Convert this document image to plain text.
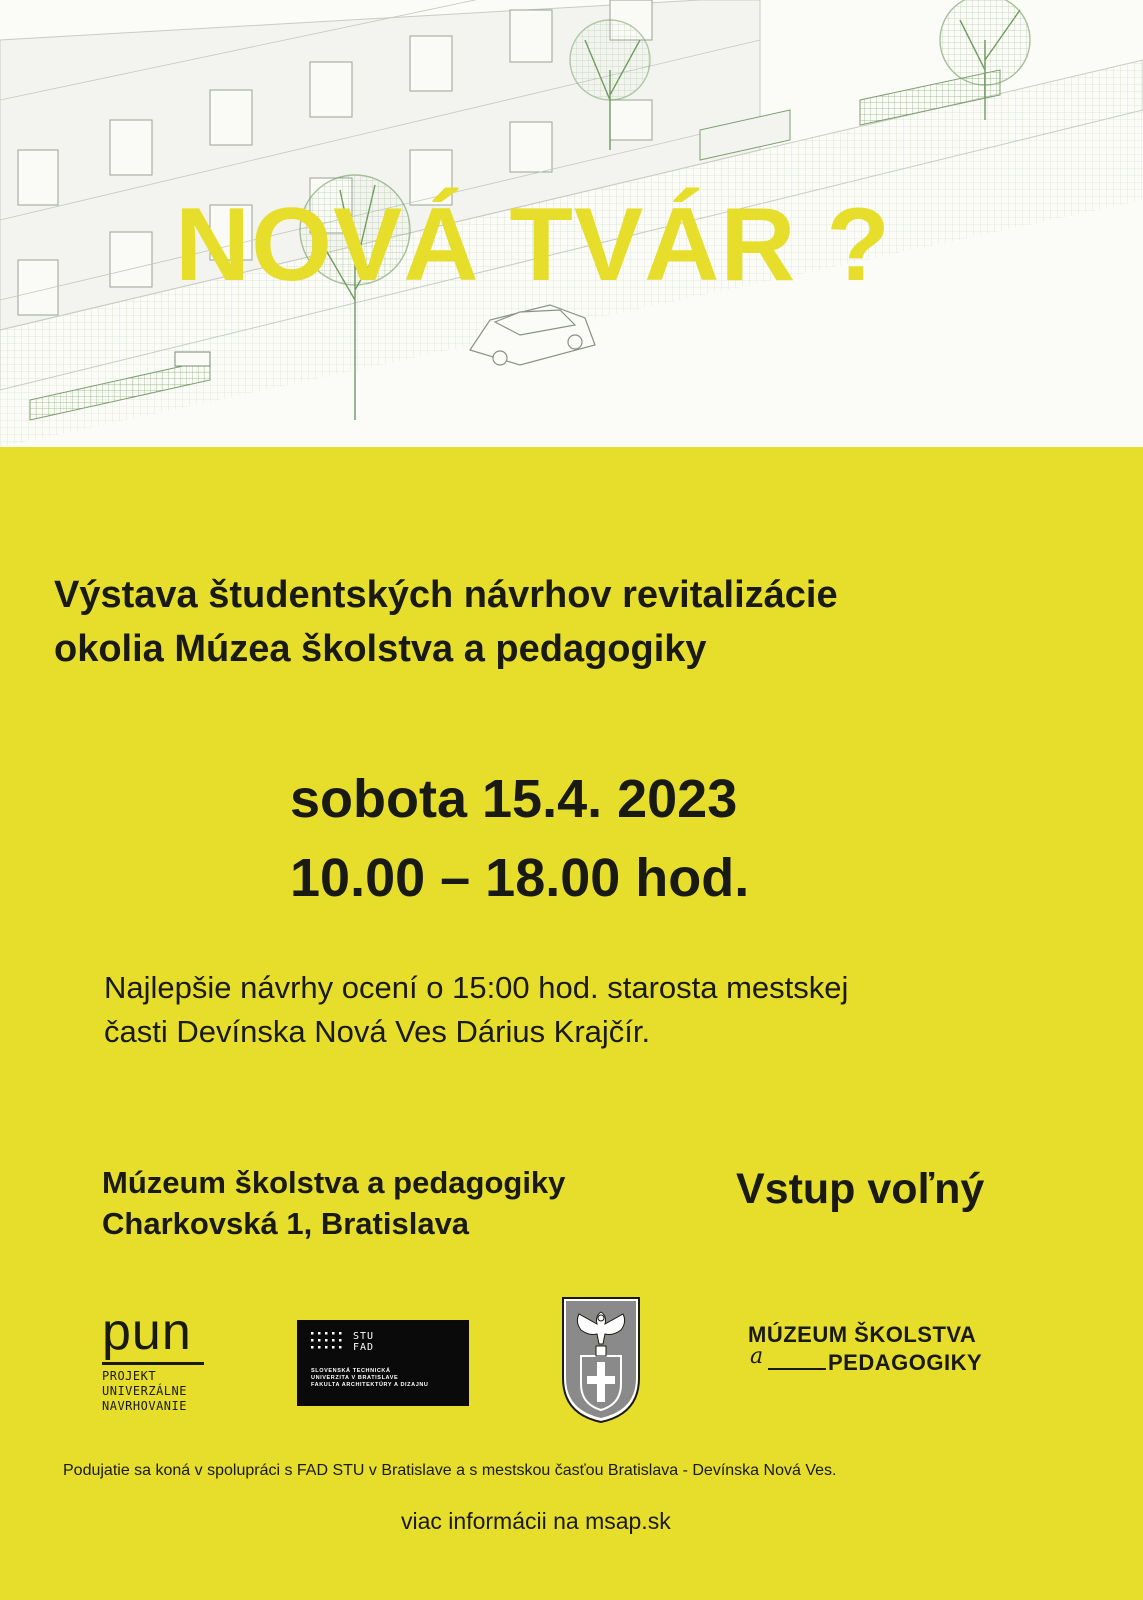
NOVÁ TVÁR ?
Výstava študentských návrhov revitalizácie
okolia Múzea školstva a pedagogiky
sobota 15.4. 2023
10.00 – 18.00 hod.
Najlepšie návrhy ocení o 15:00 hod. starosta mestskej
časti Devínska Nová Ves Dárius Krajčír.
Múzeum školstva a pedagogiky
Charkovská 1, Bratislava
Vstup voľný
pun
PROJEKT
UNIVERZÁLNE
NAVRHOVANIE
STU
FAD
SLOVENSKÁ TECHNICKÁ
UNIVERZITA V BRATISLAVE
FAKULTA ARCHITEKTÚRY A DIZAJNU
MÚZEUM ŠKOLSTVA
a	PEDAGOGIKY
Podujatie sa koná v spolupráci s FAD STU v Bratislave a s mestskou časťou Bratislava - Devínska Nová Ves.
viac informácii na msap.sk
